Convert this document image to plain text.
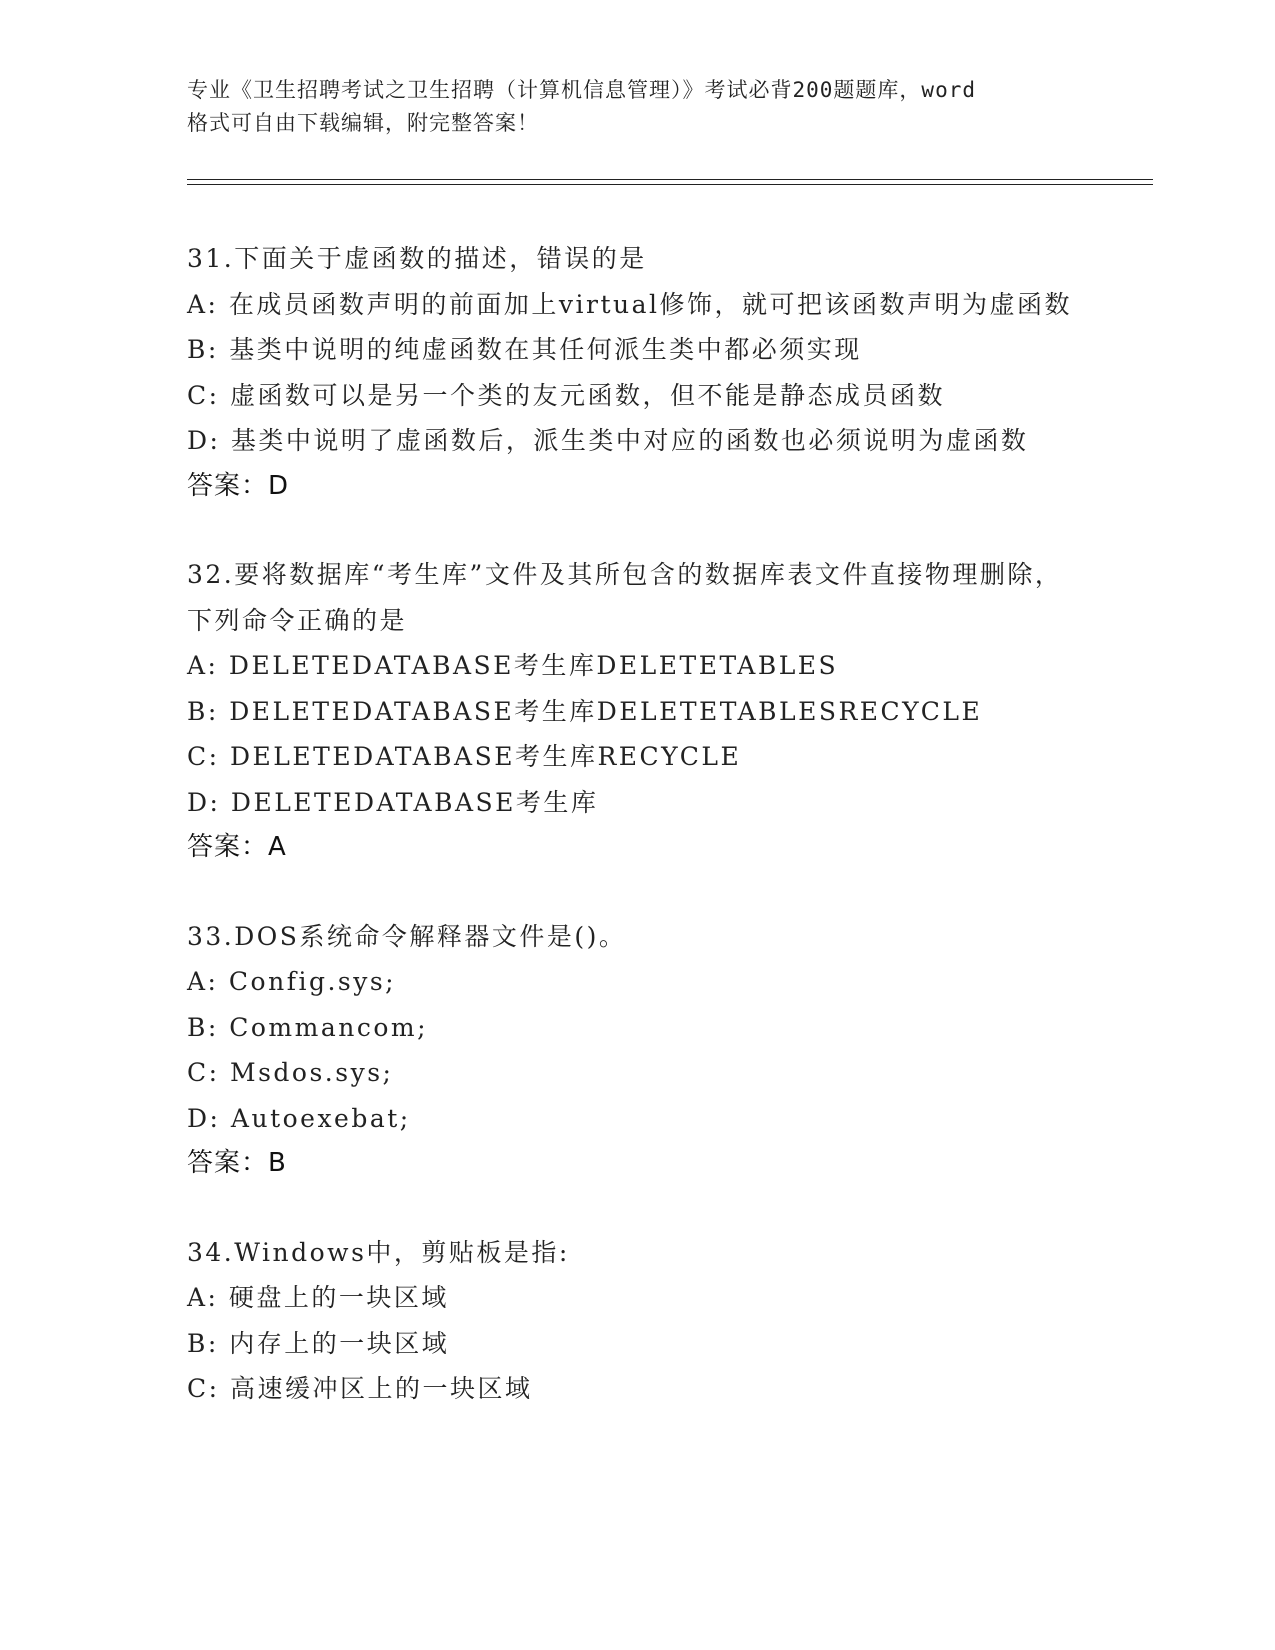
专业《卫生招聘考试之卫生招聘（计算机信息管理）》考试必背200题题库，word
格式可自由下载编辑，附完整答案！
31.下面关于虚函数的描述，错误的是
A: 在成员函数声明的前面加上virtual修饰，就可把该函数声明为虚函数
B: 基类中说明的纯虚函数在其任何派生类中都必须实现
C: 虚函数可以是另一个类的友元函数，但不能是静态成员函数
D: 基类中说明了虚函数后，派生类中对应的函数也必须说明为虚函数
答案：D
32.要将数据库“考生库”文件及其所包含的数据库表文件直接物理删除，下列命令正确的是
A: DELETEDATABASE考生库DELETETABLES
B: DELETEDATABASE考生库DELETETABLESRECYCLE
C: DELETEDATABASE考生库RECYCLE
D: DELETEDATABASE考生库
答案：A
33.DOS系统命令解释器文件是()。
A: Config.sys;
B: Commancom;
C: Msdos.sys;
D: Autoexebat;
答案：B
34.Windows中，剪贴板是指:
A: 硬盘上的一块区域
B: 内存上的一块区域
C: 高速缓冲区上的一块区域
